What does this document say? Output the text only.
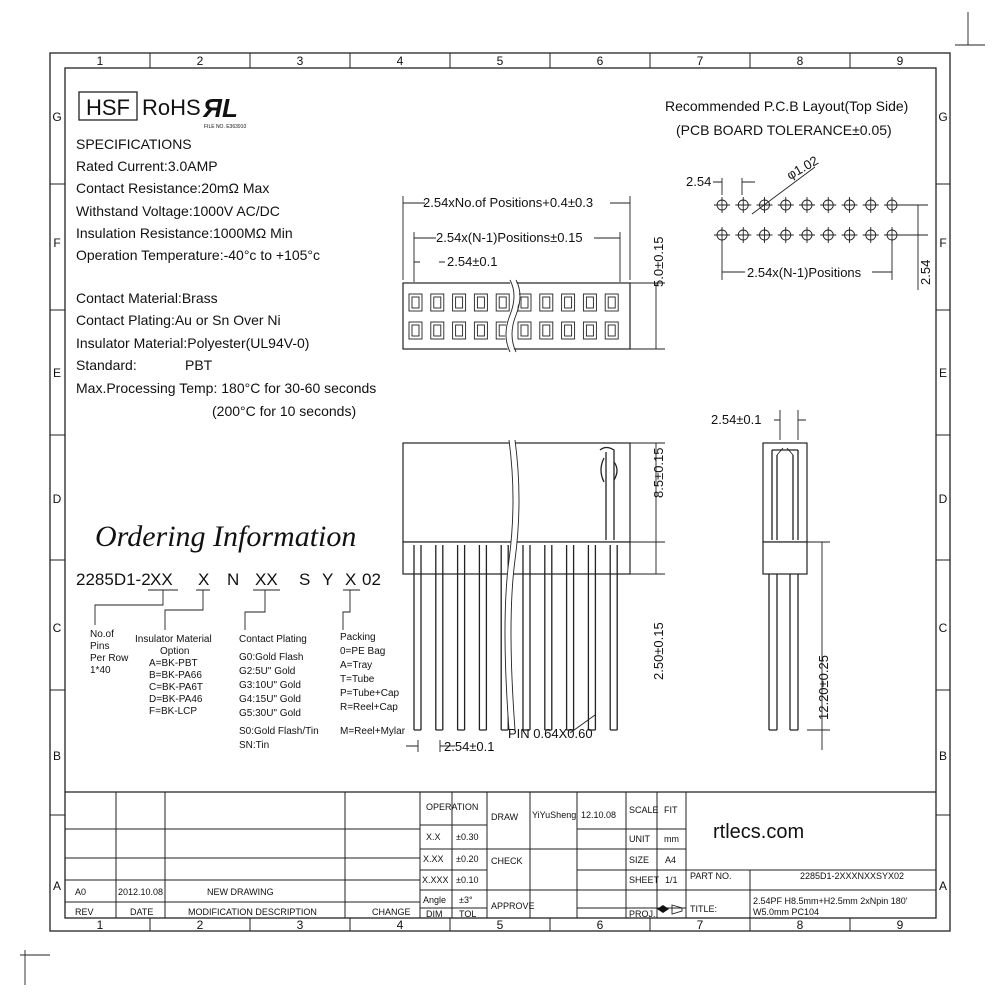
1	2	3	4	5	6	7	8	9
1	2	3	4	5	6	7	8	9
G
F
E
D
C
B
A
G
F
E
D
C
B
A
HSF RoHS ЯL
FILE NO. E363910
SPECIFICATIONS
Rated Current:3.0AMP
Contact Resistance:20mΩ Max
Withstand Voltage:1000V AC/DC
Insulation Resistance:1000MΩ Min
Operation Temperature:-40°c to +105°c
Contact Material:Brass
Contact Plating:Au or Sn Over Ni
Insulator Material:Polyester(UL94V-0)
Standard:	PBT
Max.Processing Temp: 180°C for 30-60 seconds
(200°C for 10 seconds)
Recommended P.C.B Layout(Top Side)
(PCB BOARD TOLERANCE±0.05)
2.54	φ1.02
2.54x(N-1)Positions	2.54
2.54xNo.of Positions+0.4±0.3
2.54x(N-1)Positions±0.15
2.54±0.1	5.0±0.15
8.5±0.15
2.50±0.15
2.54±0.1
PIN 0.64X0.60
2.54±0.1
12.20±0.25
Ordering Information
2285D1-2 XX X N XX S Y X 02
No.of
Pins
Per Row
1*40
Insulator Material
Option
A=BK-PBT
B=BK-PA66
C=BK-PA6T
D=BK-PA46
F=BK-LCP
Contact Plating
G0:Gold Flash
G2:5U" Gold
G3:10U" Gold
G4:15U" Gold
G5:30U" Gold
S0:Gold Flash/Tin
SN:Tin
Packing
0=PE Bag
A=Tray
T=Tube
P=Tube+Cap
R=Reel+Cap
M=Reel+Mylar
OPERATION
X.X ±0.30
X.XX ±0.20
X.XXX ±0.10
Angle ±3°
DIM TOL
DRAW YiYuSheng 12.10.08
CHECK
APPROVE
SCALE FIT
UNIT mm
SIZE A4
SHEET 1/1
PROJ.
PART NO.	2285D1-2XXXNXXSYX02
TITLE:
2.54PF H8.5mm+H2.5mm 2xNpin 180'
W5.0mm PC104
A0	2012.10.08	NEW DRAWING
REV	DATE	MODIFICATION DESCRIPTION	CHANGE
rtlecs.com
